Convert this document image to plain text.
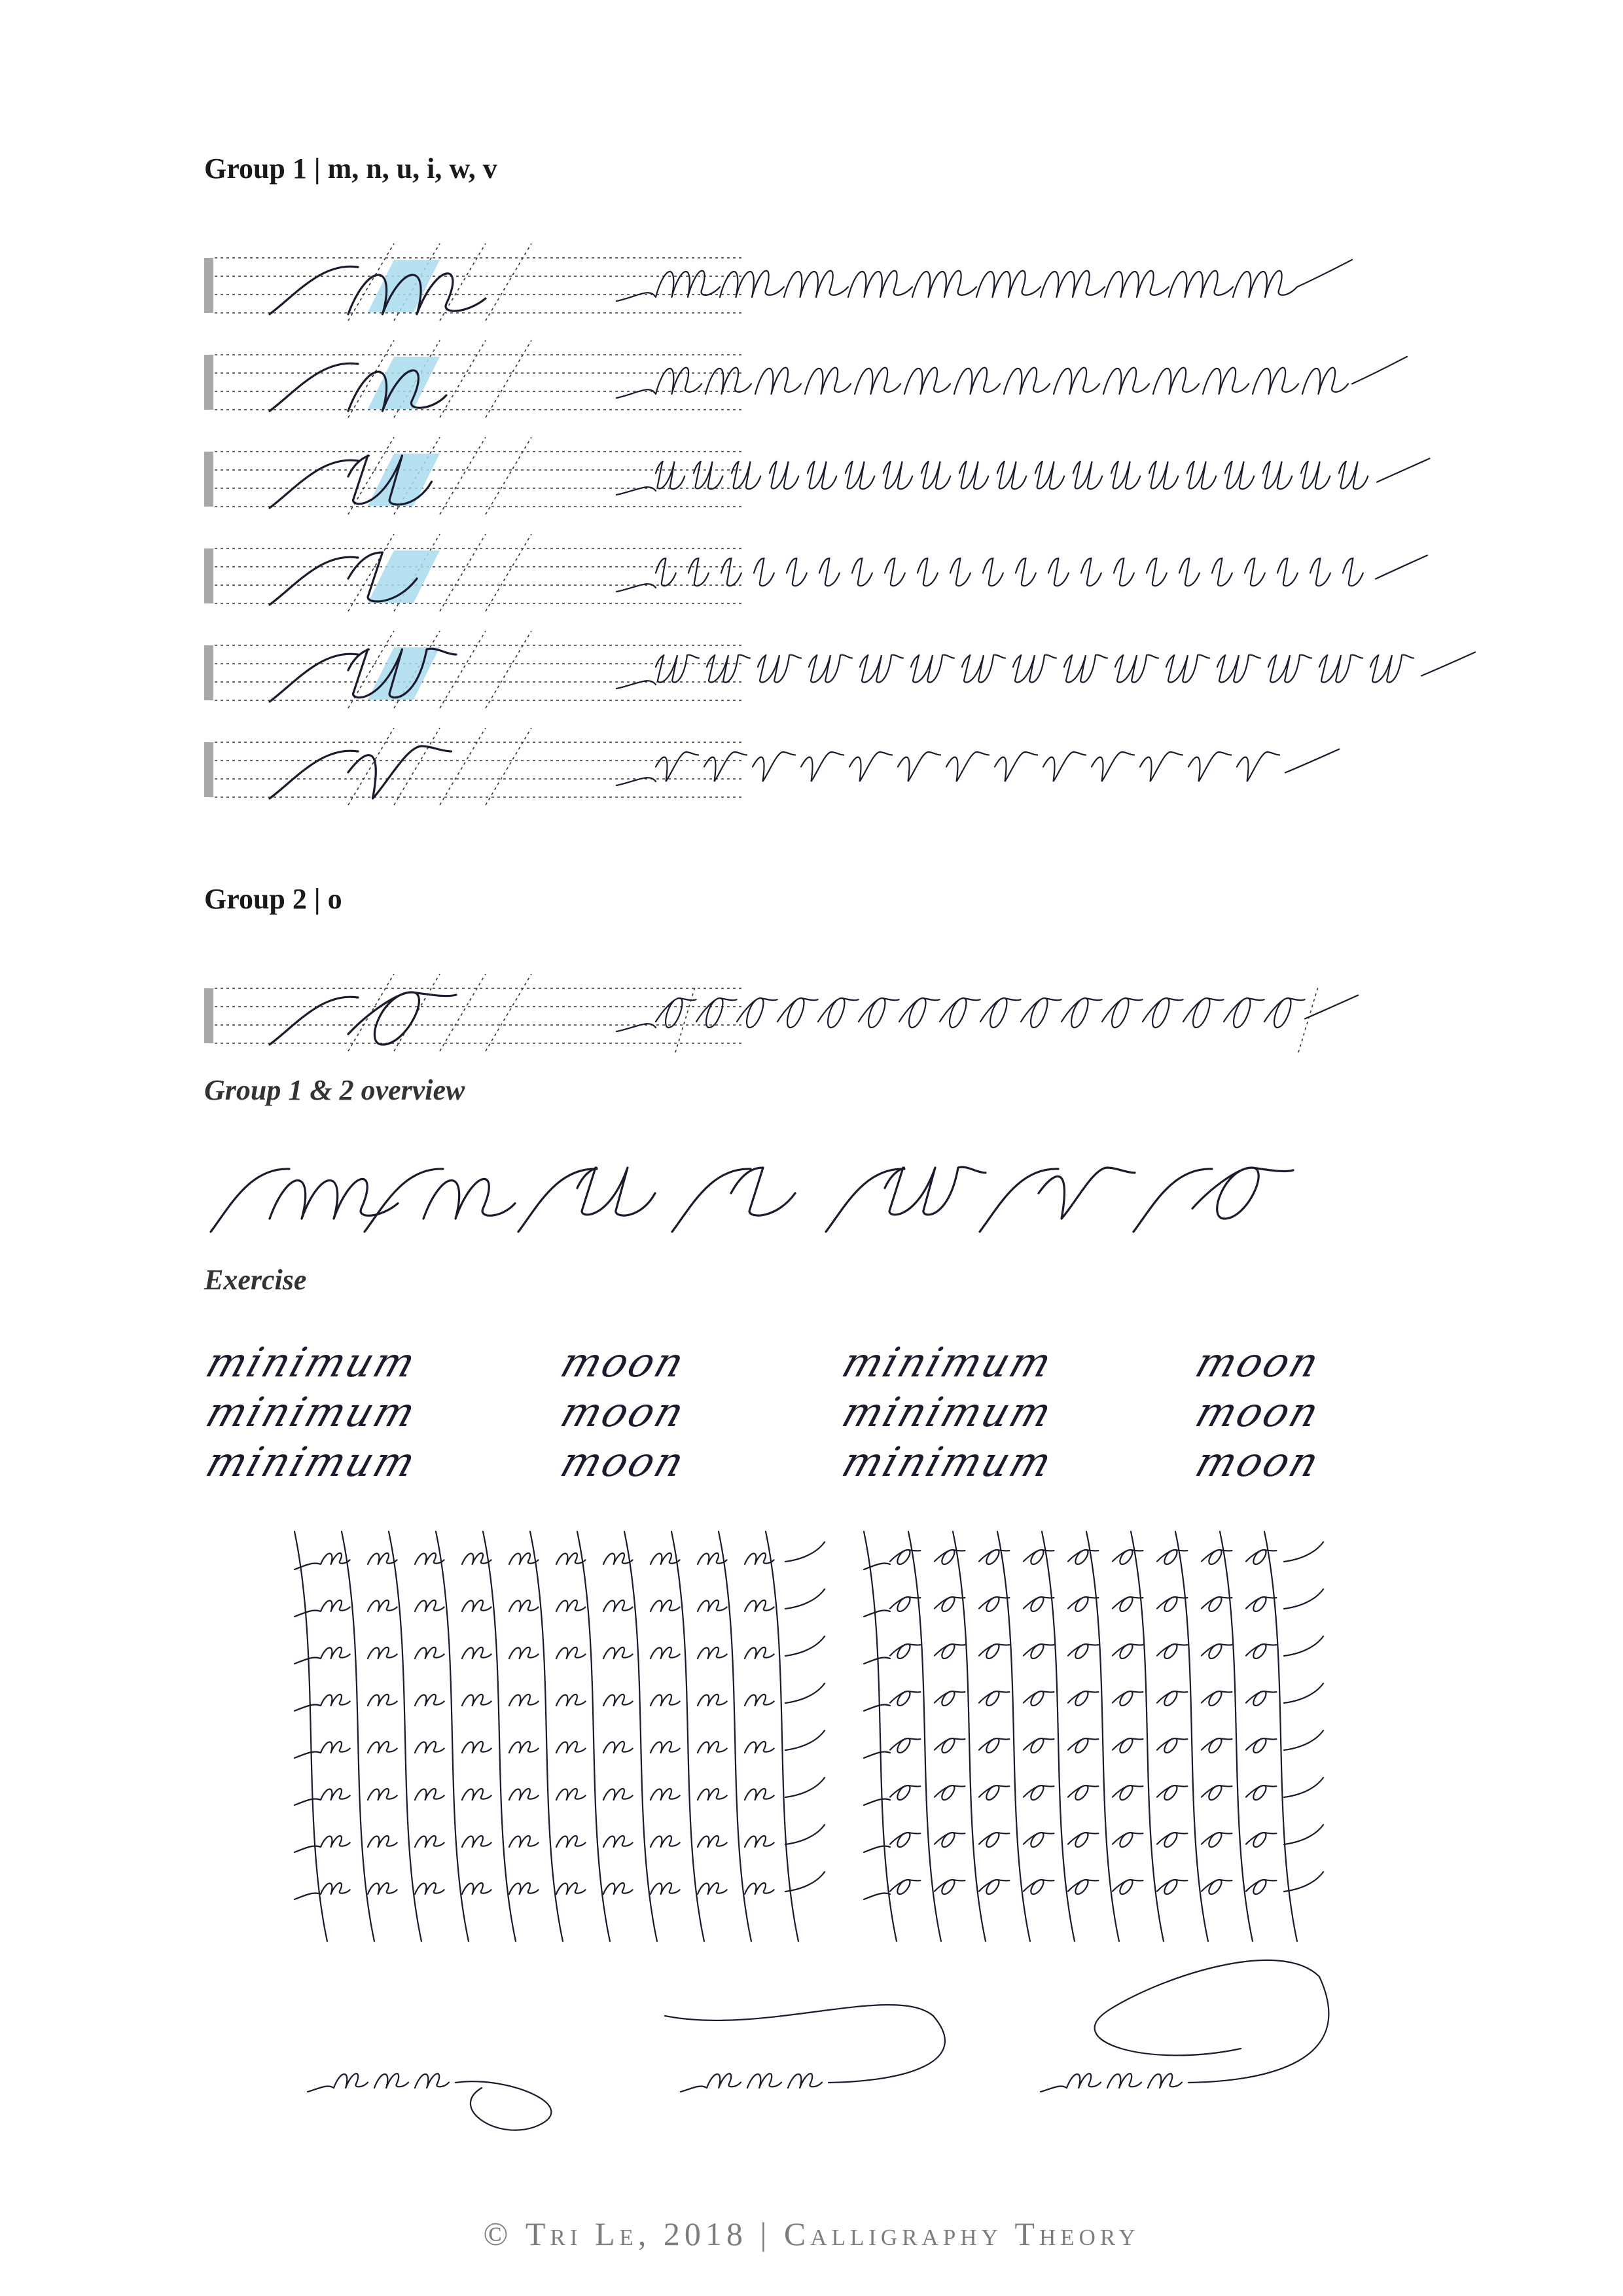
Group 1 | m, n, u, i, w, v
Group 2 | o
Group 1 & 2 overview
Exercise
minimum	moon	minimum	moon
minimum	moon	minimum	moon
minimum	moon	minimum	moon
nnn	nnn	nnn
© Tri Le, 2018 | Calligraphy Theory
